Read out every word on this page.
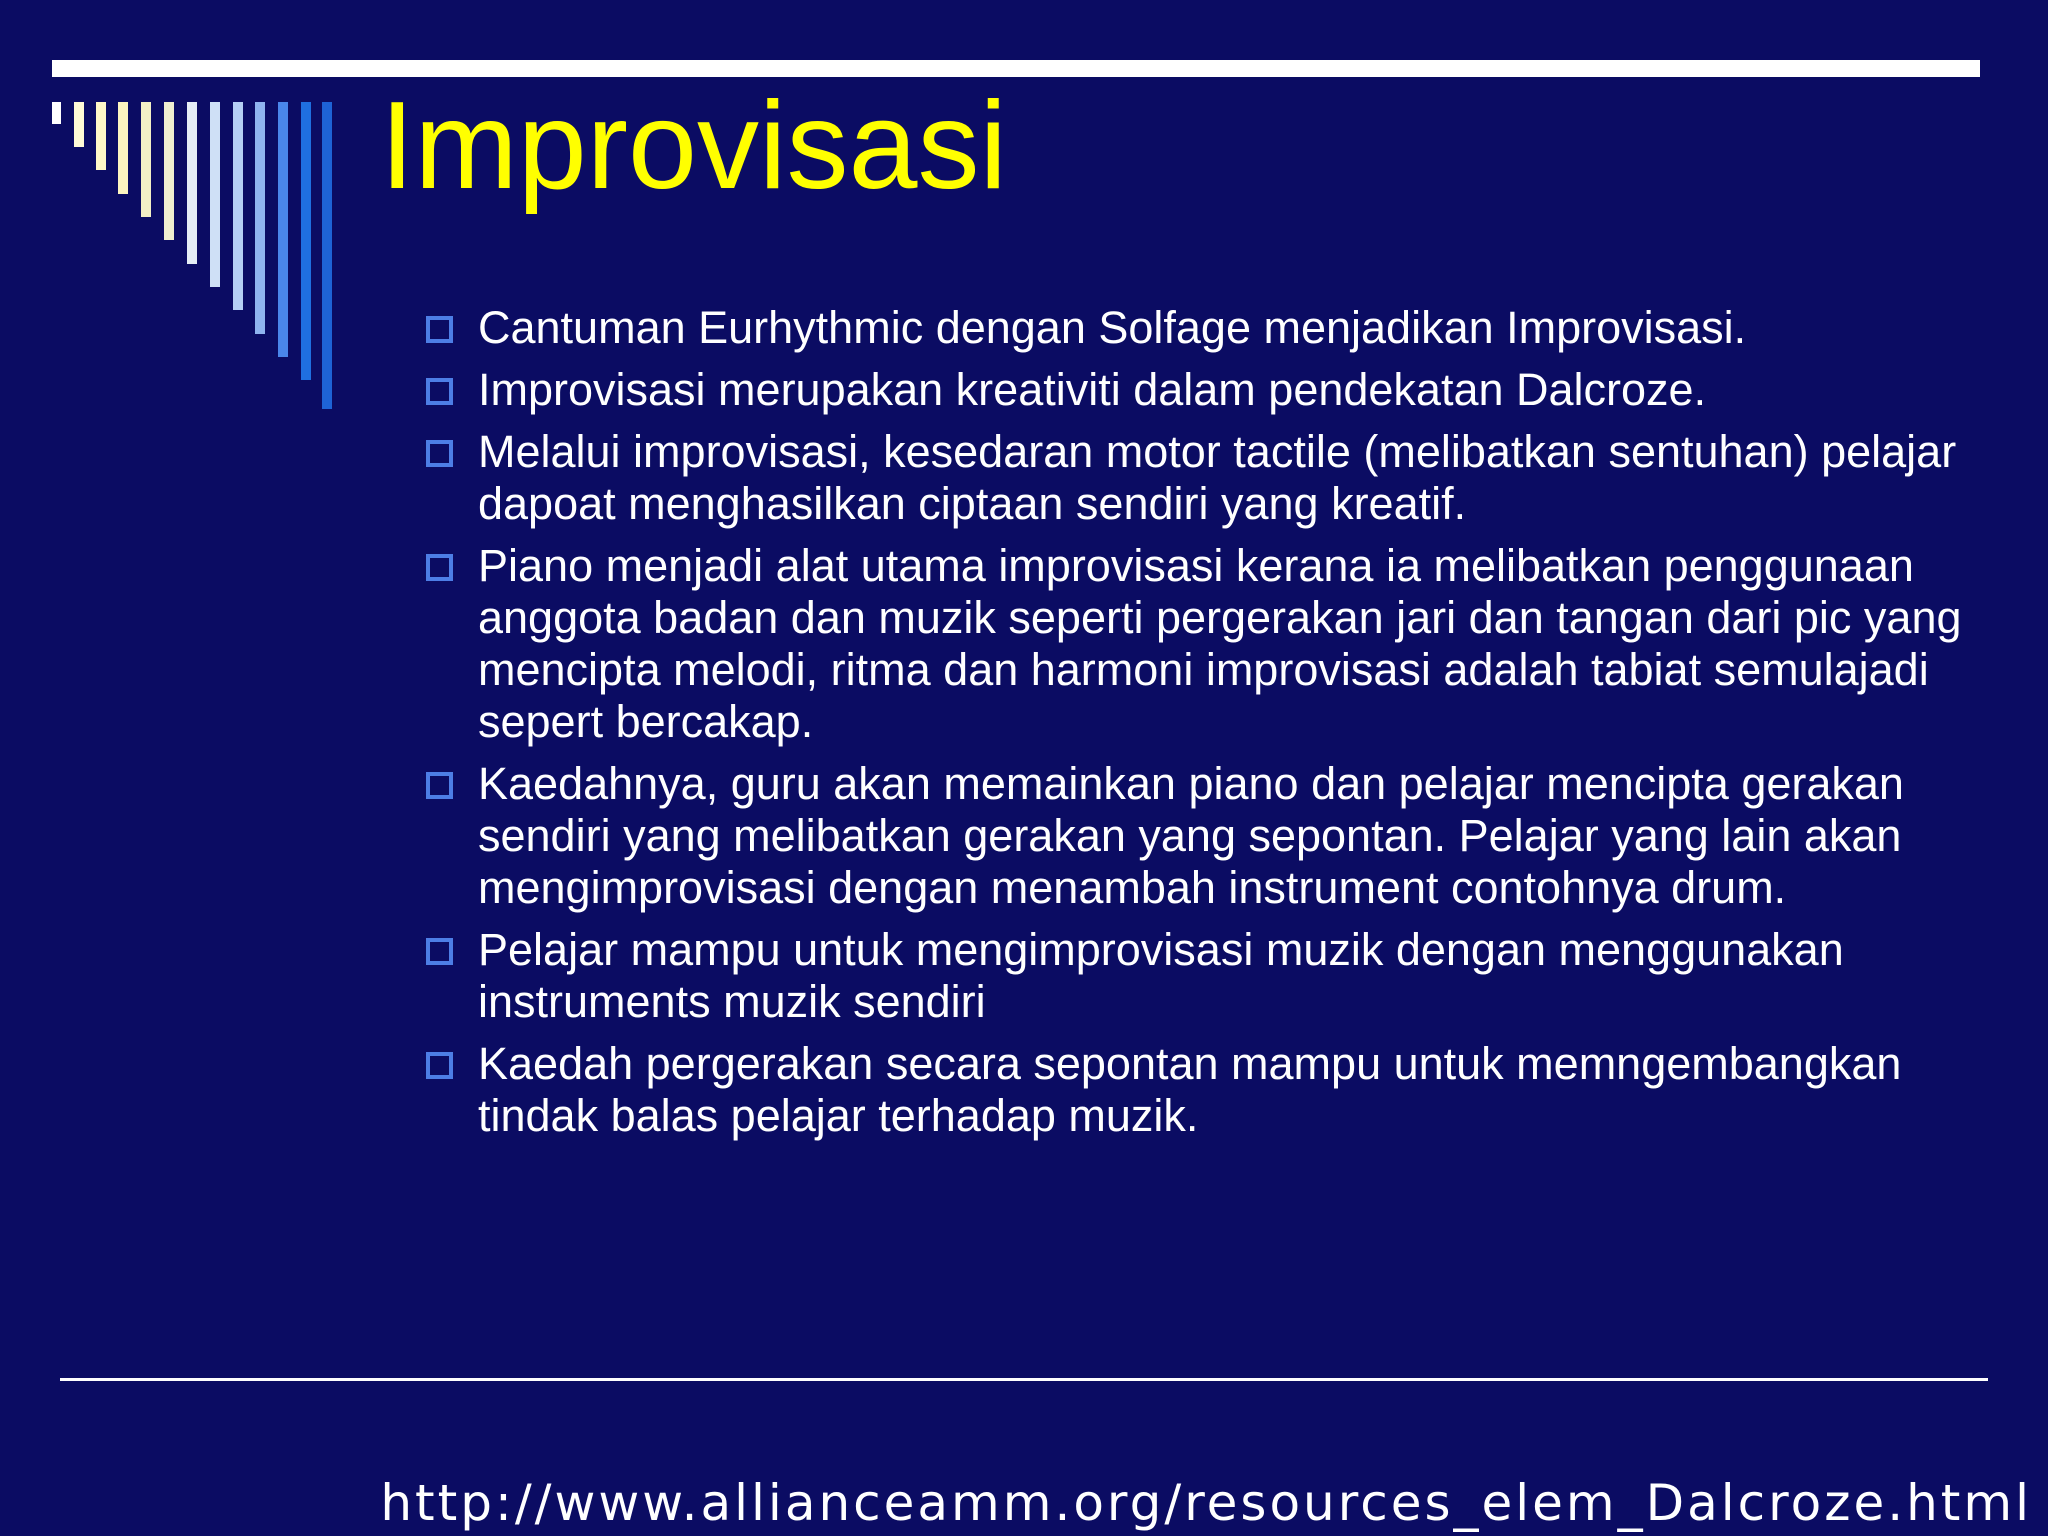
Improvisasi
Cantuman Eurhythmic dengan Solfage menjadikan Improvisasi.
Improvisasi merupakan kreativiti dalam pendekatan Dalcroze.
Melalui improvisasi, kesedaran motor tactile (melibatkan sentuhan) pelajar dapoat menghasilkan ciptaan sendiri yang kreatif.
Piano menjadi alat utama improvisasi kerana ia melibatkan penggunaan anggota badan dan muzik seperti pergerakan jari dan tangan dari pic yang mencipta melodi, ritma dan harmoni improvisasi adalah tabiat semulajadi sepert bercakap.
Kaedahnya, guru akan memainkan piano dan pelajar mencipta gerakan sendiri yang melibatkan gerakan yang sepontan. Pelajar yang lain akan mengimprovisasi dengan menambah instrument contohnya drum.
Pelajar mampu untuk mengimprovisasi muzik dengan menggunakan instruments muzik sendiri
Kaedah pergerakan secara sepontan mampu untuk memngembangkan tindak balas pelajar terhadap muzik.
http://www.allianceamm.org/resources_elem_Dalcroze.html
